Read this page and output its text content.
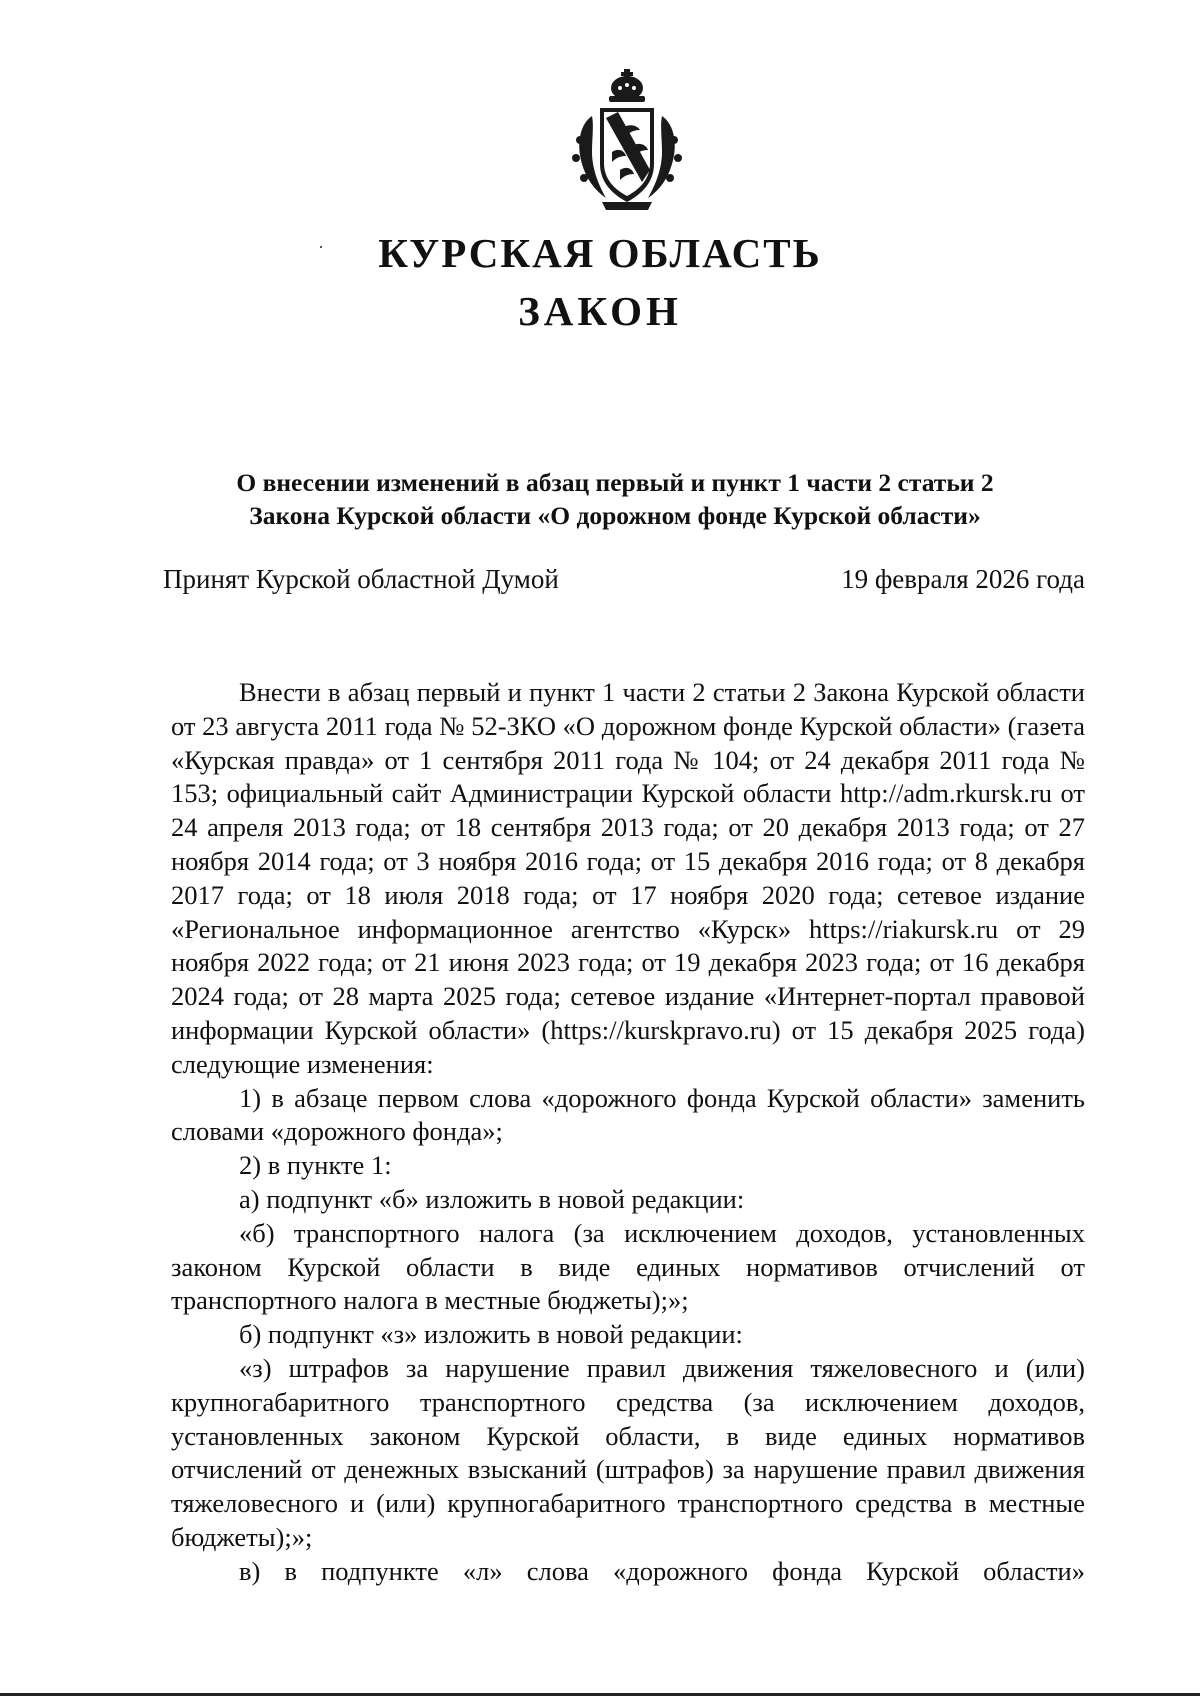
КУРСКАЯ ОБЛАСТЬ
ЗАКОН
О внесении изменений в абзац первый и пункт 1 части 2 статьи 2
Закона Курской области «О дорожном фонде Курской области»
Принят Курской областной Думой	19 февраля 2026 года

Внести в абзац первый и пункт 1 части 2 статьи 2 Закона Курской области от 23 августа 2011 года № 52-ЗКО «О дорожном фонде Курской области» (газета «Курская правда» от 1 сентября 2011 года № 104; от 24 декабря 2011 года № 153; официальный сайт Администрации Курской области http://adm.rkursk.ru от 24 апреля 2013 года; от 18 сентября 2013 года; от 20 декабря 2013 года; от 27 ноября 2014 года; от 3 ноября 2016 года; от 15 декабря 2016 года; от 8 декабря 2017 года; от 18 июля 2018 года; от 17 ноября 2020 года; сетевое издание «Региональное информационное агентство «Курск» https://riakursk.ru от 29 ноября 2022 года; от 21 июня 2023 года; от 19 декабря 2023 года; от 16 декабря 2024 года; от 28 марта 2025 года; сетевое издание «Интернет-портал правовой информации Курской области» (https://kurskpravo.ru) от 15 декабря 2025 года) следующие изменения:

1) в абзаце первом слова «дорожного фонда Курской области» заменить словами «дорожного фонда»;

2) в пункте 1:

а) подпункт «б» изложить в новой редакции:

«б) транспортного налога (за исключением доходов, установленных законом Курской области в виде единых нормативов отчислений от транспортного налога в местные бюджеты);»;

б) подпункт «з» изложить в новой редакции:

«з) штрафов за нарушение правил движения тяжеловесного и (или) крупногабаритного транспортного средства (за исключением доходов, установленных законом Курской области, в виде единых нормативов отчислений от денежных взысканий (штрафов) за нарушение правил движения тяжеловесного и (или) крупногабаритного транспортного средства в местные бюджеты);»;

в) в подпункте «л» слова «дорожного фонда Курской области»
